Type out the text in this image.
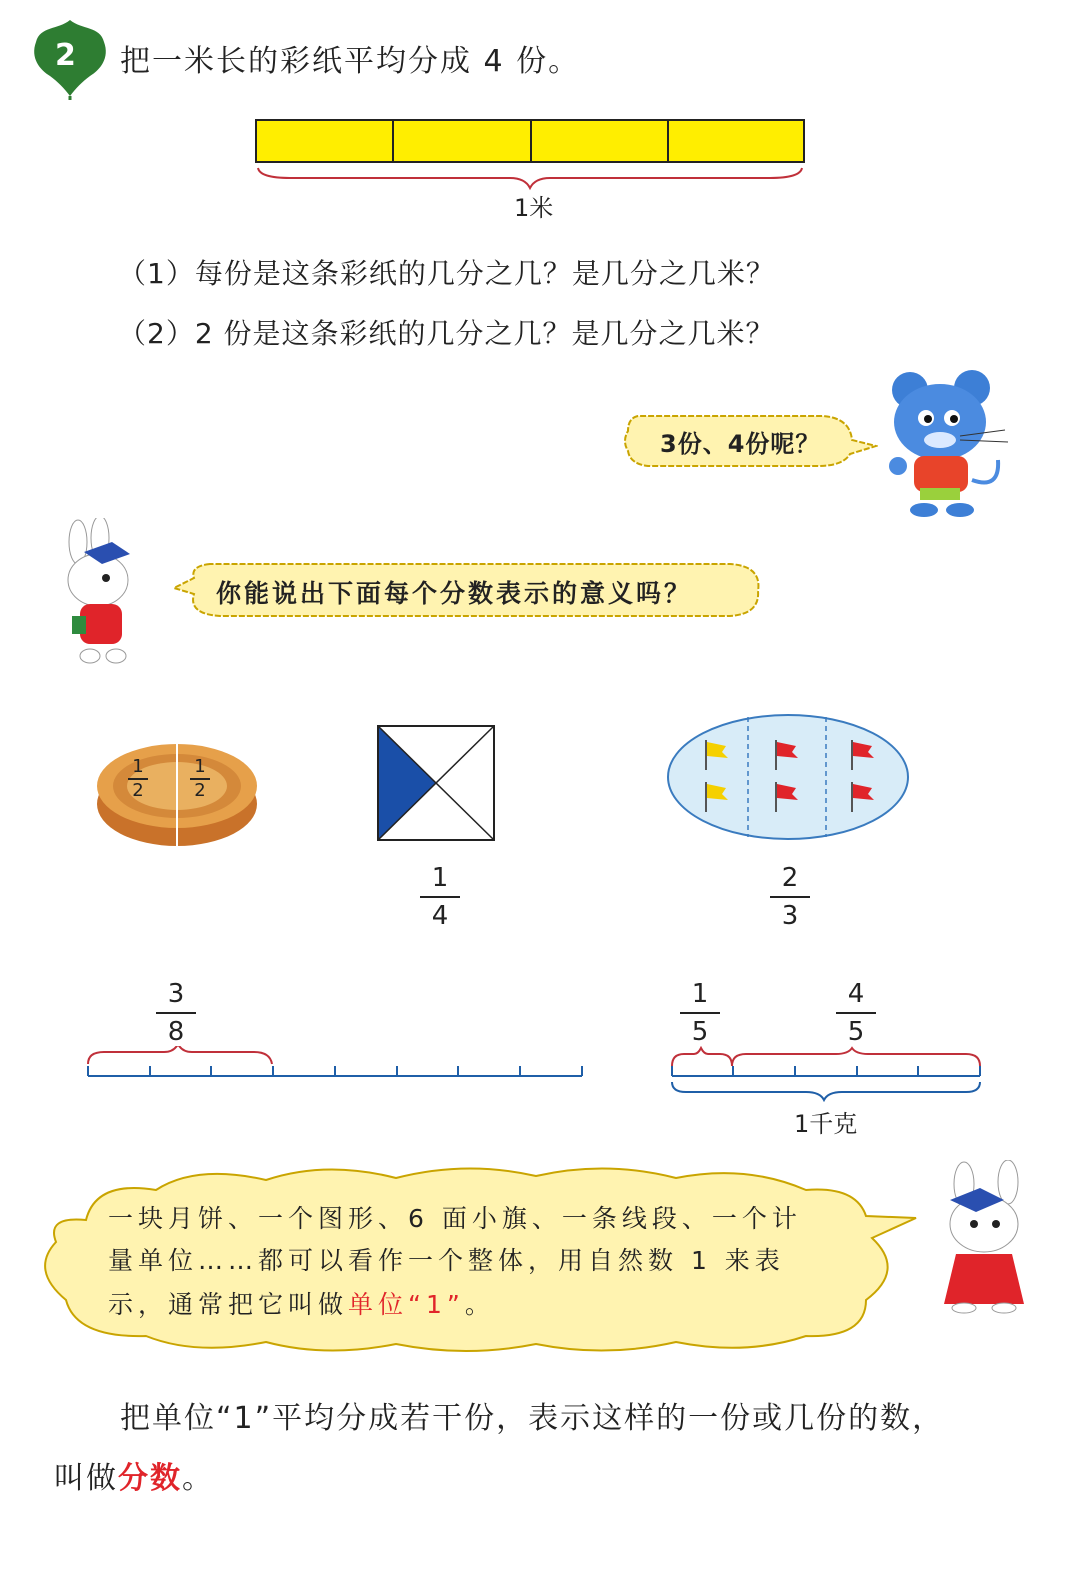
2 把一米长的彩纸平均分成 4 份。
1米
（1）每份是这条彩纸的几分之几？是几分之几米？
（2）2 份是这条彩纸的几分之几？是几分之几米？
3份、4份呢？
你能说出下面每个分数表示的意义吗？
1
2
1
2
1
4
2
3
3
8
1
5
4
5
1千克
一块月饼、一个图形、6 面小旗、一条线段、一个计
量单位……都可以看作一个整体，用自然数 1 来表
示，通常把它叫做单位“1”。
把单位“1”平均分成若干份，表示这样的一份或几份的数，
叫做分数。
